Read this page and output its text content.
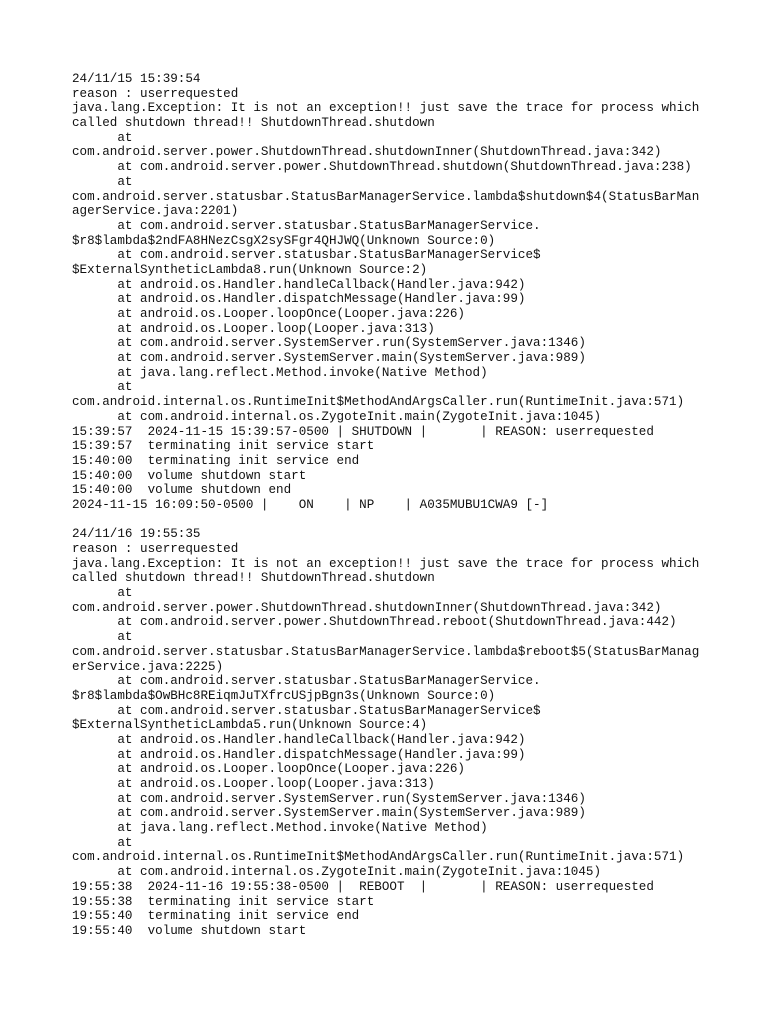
24/11/15 15:39:54
reason : userrequested
java.lang.Exception: It is not an exception!! just save the trace for process which
called shutdown thread!! ShutdownThread.shutdown
at
com.android.server.power.ShutdownThread.shutdownInner(ShutdownThread.java:342)
at com.android.server.power.ShutdownThread.shutdown(ShutdownThread.java:238)
at
com.android.server.statusbar.StatusBarManagerService.lambda$shutdown$4(StatusBarMan
agerService.java:2201)
at com.android.server.statusbar.StatusBarManagerService.
$r8$lambda$2ndFA8HNezCsgX2sySFgr4QHJWQ(Unknown Source:0)
at com.android.server.statusbar.StatusBarManagerService$
$ExternalSyntheticLambda8.run(Unknown Source:2)
at android.os.Handler.handleCallback(Handler.java:942)
at android.os.Handler.dispatchMessage(Handler.java:99)
at android.os.Looper.loopOnce(Looper.java:226)
at android.os.Looper.loop(Looper.java:313)
at com.android.server.SystemServer.run(SystemServer.java:1346)
at com.android.server.SystemServer.main(SystemServer.java:989)
at java.lang.reflect.Method.invoke(Native Method)
at
com.android.internal.os.RuntimeInit$MethodAndArgsCaller.run(RuntimeInit.java:571)
at com.android.internal.os.ZygoteInit.main(ZygoteInit.java:1045)
15:39:57  2024-11-15 15:39:57-0500 | SHUTDOWN |       | REASON: userrequested
15:39:57  terminating init service start
15:40:00  terminating init service end
15:40:00  volume shutdown start
15:40:00  volume shutdown end
2024-11-15 16:09:50-0500 |    ON    | NP    | A035MUBU1CWA9 [-]
24/11/16 19:55:35
reason : userrequested
java.lang.Exception: It is not an exception!! just save the trace for process which
called shutdown thread!! ShutdownThread.shutdown
at
com.android.server.power.ShutdownThread.shutdownInner(ShutdownThread.java:342)
at com.android.server.power.ShutdownThread.reboot(ShutdownThread.java:442)
at
com.android.server.statusbar.StatusBarManagerService.lambda$reboot$5(StatusBarManag
erService.java:2225)
at com.android.server.statusbar.StatusBarManagerService.
$r8$lambda$OwBHc8REiqmJuTXfrcUSjpBgn3s(Unknown Source:0)
at com.android.server.statusbar.StatusBarManagerService$
$ExternalSyntheticLambda5.run(Unknown Source:4)
at android.os.Handler.handleCallback(Handler.java:942)
at android.os.Handler.dispatchMessage(Handler.java:99)
at android.os.Looper.loopOnce(Looper.java:226)
at android.os.Looper.loop(Looper.java:313)
at com.android.server.SystemServer.run(SystemServer.java:1346)
at com.android.server.SystemServer.main(SystemServer.java:989)
at java.lang.reflect.Method.invoke(Native Method)
at
com.android.internal.os.RuntimeInit$MethodAndArgsCaller.run(RuntimeInit.java:571)
at com.android.internal.os.ZygoteInit.main(ZygoteInit.java:1045)
19:55:38  2024-11-16 19:55:38-0500 |  REBOOT  |       | REASON: userrequested
19:55:38  terminating init service start
19:55:40  terminating init service end
19:55:40  volume shutdown start
